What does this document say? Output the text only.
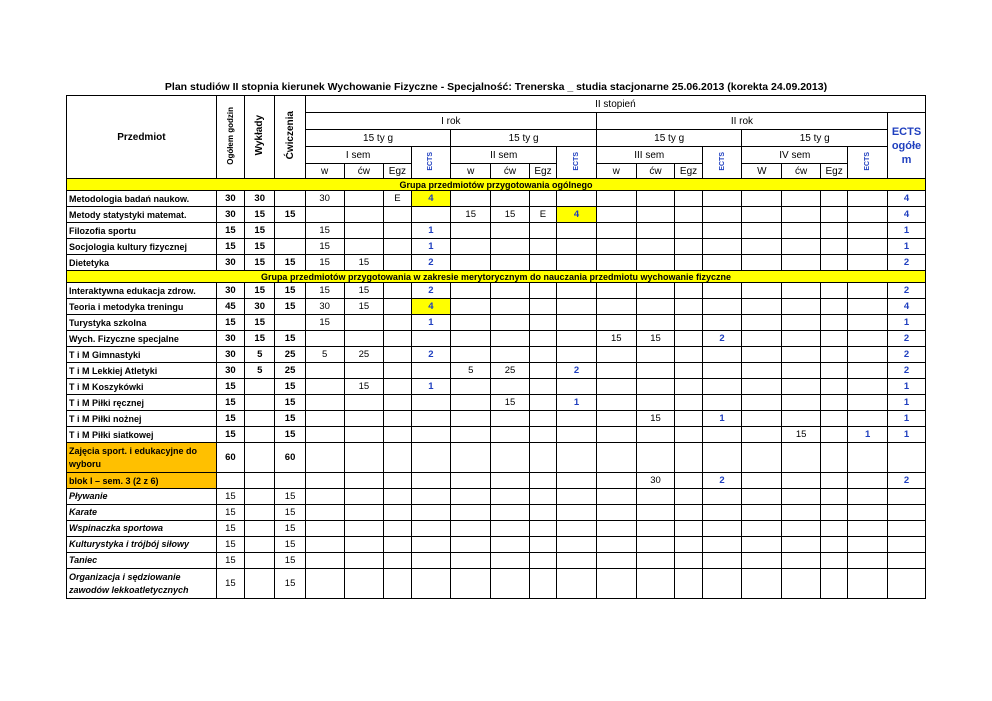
Plan studiów II stopnia kierunek Wychowanie Fizyczne - Specjalność: Trenerska _ studia stacjonarne 25.06.2013 (korekta 24.09.2013)
Przedmiot	Ogółem godzin	Wykłady	Ćwiczenia	II stopień																
				I rok								II rok								ECTS ogółe m
				15 ty g				15 ty g				15 ty g				15 ty g				
				I sem			ECTS	II sem			ECTS	III sem			ECTS	IV sem			ECTS	
				w	ćw	Egz		w	ćw	Egz		w	ćw	Egz		W	ćw	Egz		
Grupa przedmiotów przygotowania ogólnego																				
Metodologia badań naukow.	30	30		30		E	4													4
Metody statystyki matemat.	30	15	15					15	15	E	4									4
Filozofia sportu	15	15		15			1													1
Socjologia kultury fizycznej	15	15		15			1													1
Dietetyka	30	15	15	15	15		2													2
Grupa przedmiotów przygotowania w zakresie merytorycznym do nauczania przedmiotu wychowanie fizyczne																				
Interaktywna edukacja zdrow.	30	15	15	15	15		2													2
Teoria i metodyka treningu	45	30	15	30	15		4													4
Turystyka szkolna	15	15		15			1													1
Wych. Fizyczne specjalne	30	15	15									15	15		2					2
T i M Gimnastyki	30	5	25	5	25		2													2
T i M Lekkiej Atletyki	30	5	25					5	25		2									2
T i M Koszykówki	15		15		15		1													1
T i M Piłki ręcznej	15		15						15		1									1
T i M Piłki nożnej	15		15										15		1					1
T i M Piłki siatkowej	15		15														15		1	1
Zajęcia sport. i edukacyjne do wyboru	60		60																	
blok I – sem. 3 (2 z 6)													30		2					2
Pływanie	15		15																	
Karate	15		15																	
Wspinaczka sportowa	15		15																	
Kulturystyka i trójbój siłowy	15		15																	
Taniec	15		15																	
Organizacja i sędziowanie zawodów lekkoatletycznych	15		15																	
